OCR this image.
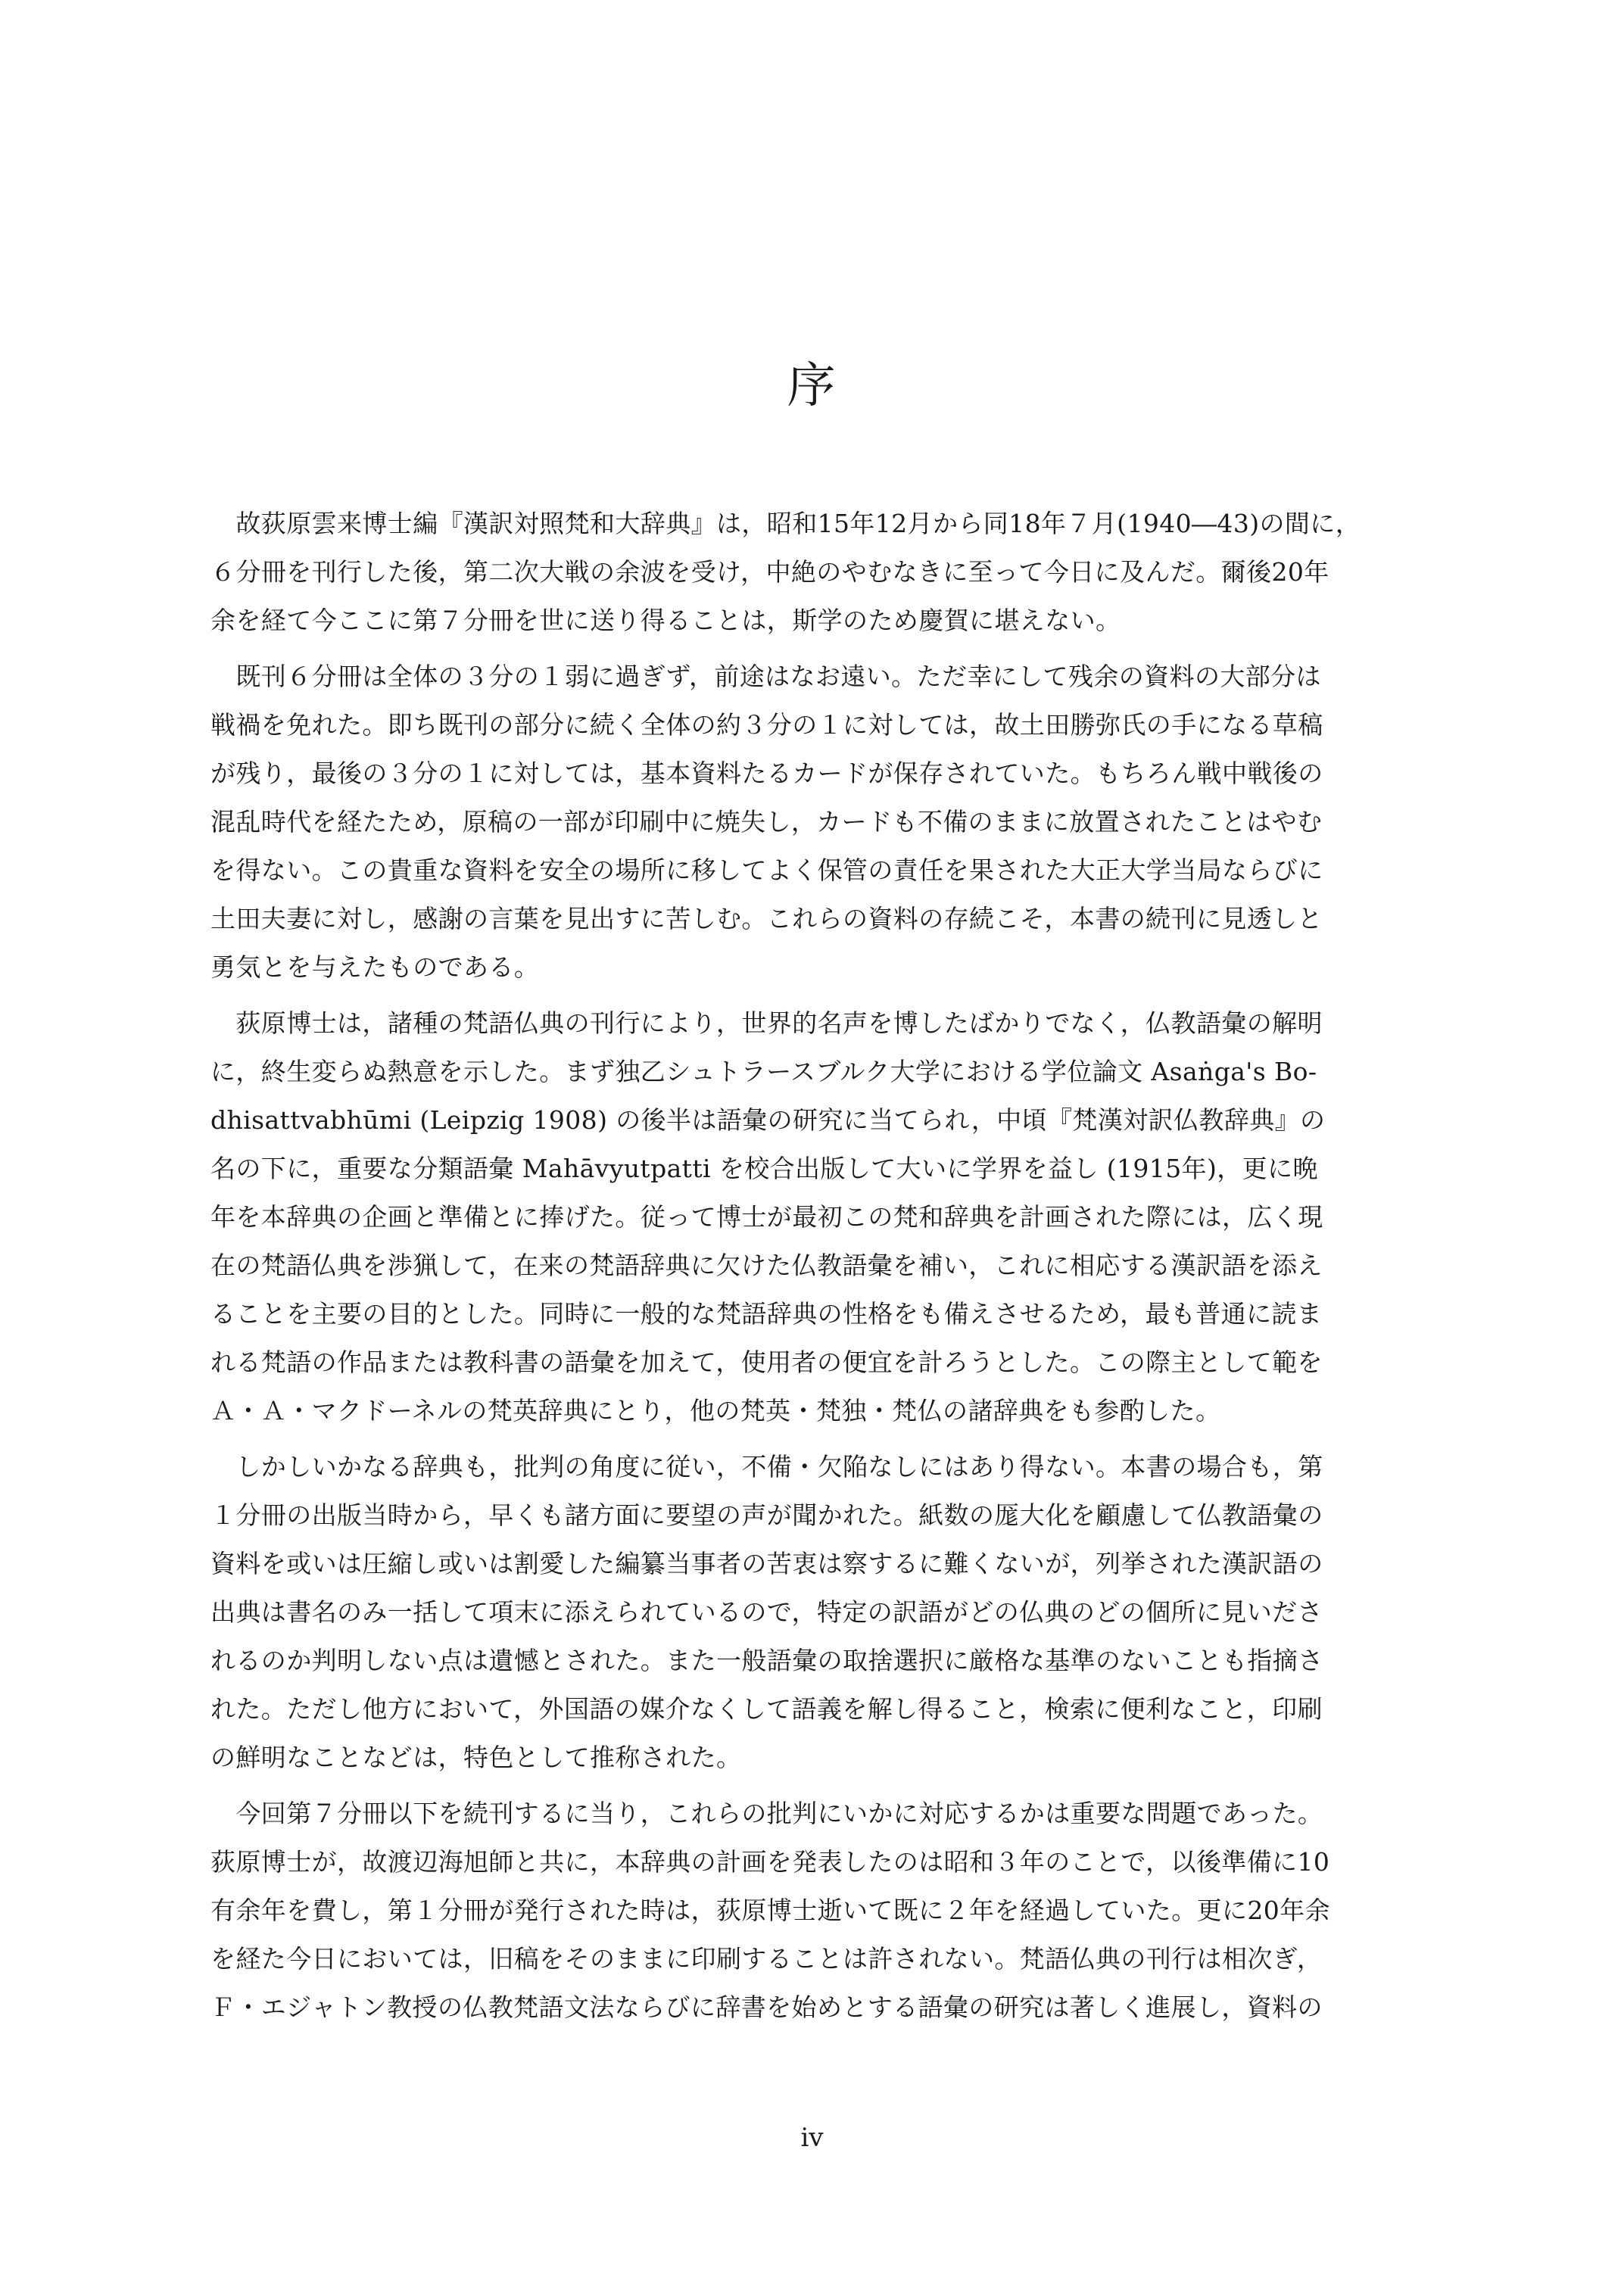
序
　故荻原雲来博士編『漢訳対照梵和大辞典』は，昭和15年12月から同18年７月(1940―43)の間に，
６分冊を刊行した後，第二次大戦の余波を受け，中絶のやむなきに至って今日に及んだ。爾後20年
余を経て今ここに第７分冊を世に送り得ることは，斯学のため慶賀に堪えない。
　既刊６分冊は全体の３分の１弱に過ぎず，前途はなお遠い。ただ幸にして残余の資料の大部分は
戦禍を免れた。即ち既刊の部分に続く全体の約３分の１に対しては，故土田勝弥氏の手になる草稿
が残り，最後の３分の１に対しては，基本資料たるカードが保存されていた。もちろん戦中戦後の
混乱時代を経たため，原稿の一部が印刷中に焼失し，カードも不備のままに放置されたことはやむ
を得ない。この貴重な資料を安全の場所に移してよく保管の責任を果された大正大学当局ならびに
土田夫妻に対し，感謝の言葉を見出すに苦しむ。これらの資料の存続こそ，本書の続刊に見透しと
勇気とを与えたものである。
　荻原博士は，諸種の梵語仏典の刊行により，世界的名声を博したばかりでなく，仏教語彙の解明
に，終生変らぬ熱意を示した。まず独乙シュトラースブルク大学における学位論文 Asaṅga's Bo-
dhisattvabhūmi (Leipzig 1908) の後半は語彙の研究に当てられ，中頃『梵漢対訳仏教辞典』の
名の下に，重要な分類語彙 Mahāvyutpatti を校合出版して大いに学界を益し (1915年)，更に晩
年を本辞典の企画と準備とに捧げた。従って博士が最初この梵和辞典を計画された際には，広く現
在の梵語仏典を渉猟して，在来の梵語辞典に欠けた仏教語彙を補い，これに相応する漢訳語を添え
ることを主要の目的とした。同時に一般的な梵語辞典の性格をも備えさせるため，最も普通に読ま
れる梵語の作品または教科書の語彙を加えて，使用者の便宜を計ろうとした。この際主として範を
Ａ・Ａ・マクドーネルの梵英辞典にとり，他の梵英・梵独・梵仏の諸辞典をも参酌した。
　しかしいかなる辞典も，批判の角度に従い，不備・欠陥なしにはあり得ない。本書の場合も，第
１分冊の出版当時から，早くも諸方面に要望の声が聞かれた。紙数の厖大化を顧慮して仏教語彙の
資料を或いは圧縮し或いは割愛した編纂当事者の苦衷は察するに難くないが，列挙された漢訳語の
出典は書名のみ一括して項末に添えられているので，特定の訳語がどの仏典のどの個所に見いださ
れるのか判明しない点は遺憾とされた。また一般語彙の取捨選択に厳格な基準のないことも指摘さ
れた。ただし他方において，外国語の媒介なくして語義を解し得ること，検索に便利なこと，印刷
の鮮明なことなどは，特色として推称された。
　今回第７分冊以下を続刊するに当り，これらの批判にいかに対応するかは重要な問題であった。
荻原博士が，故渡辺海旭師と共に，本辞典の計画を発表したのは昭和３年のことで，以後準備に10
有余年を費し，第１分冊が発行された時は，荻原博士逝いて既に２年を経過していた。更に20年余
を経た今日においては，旧稿をそのままに印刷することは許されない。梵語仏典の刊行は相次ぎ，
Ｆ・エジャトン教授の仏教梵語文法ならびに辞書を始めとする語彙の研究は著しく進展し，資料の
iv
